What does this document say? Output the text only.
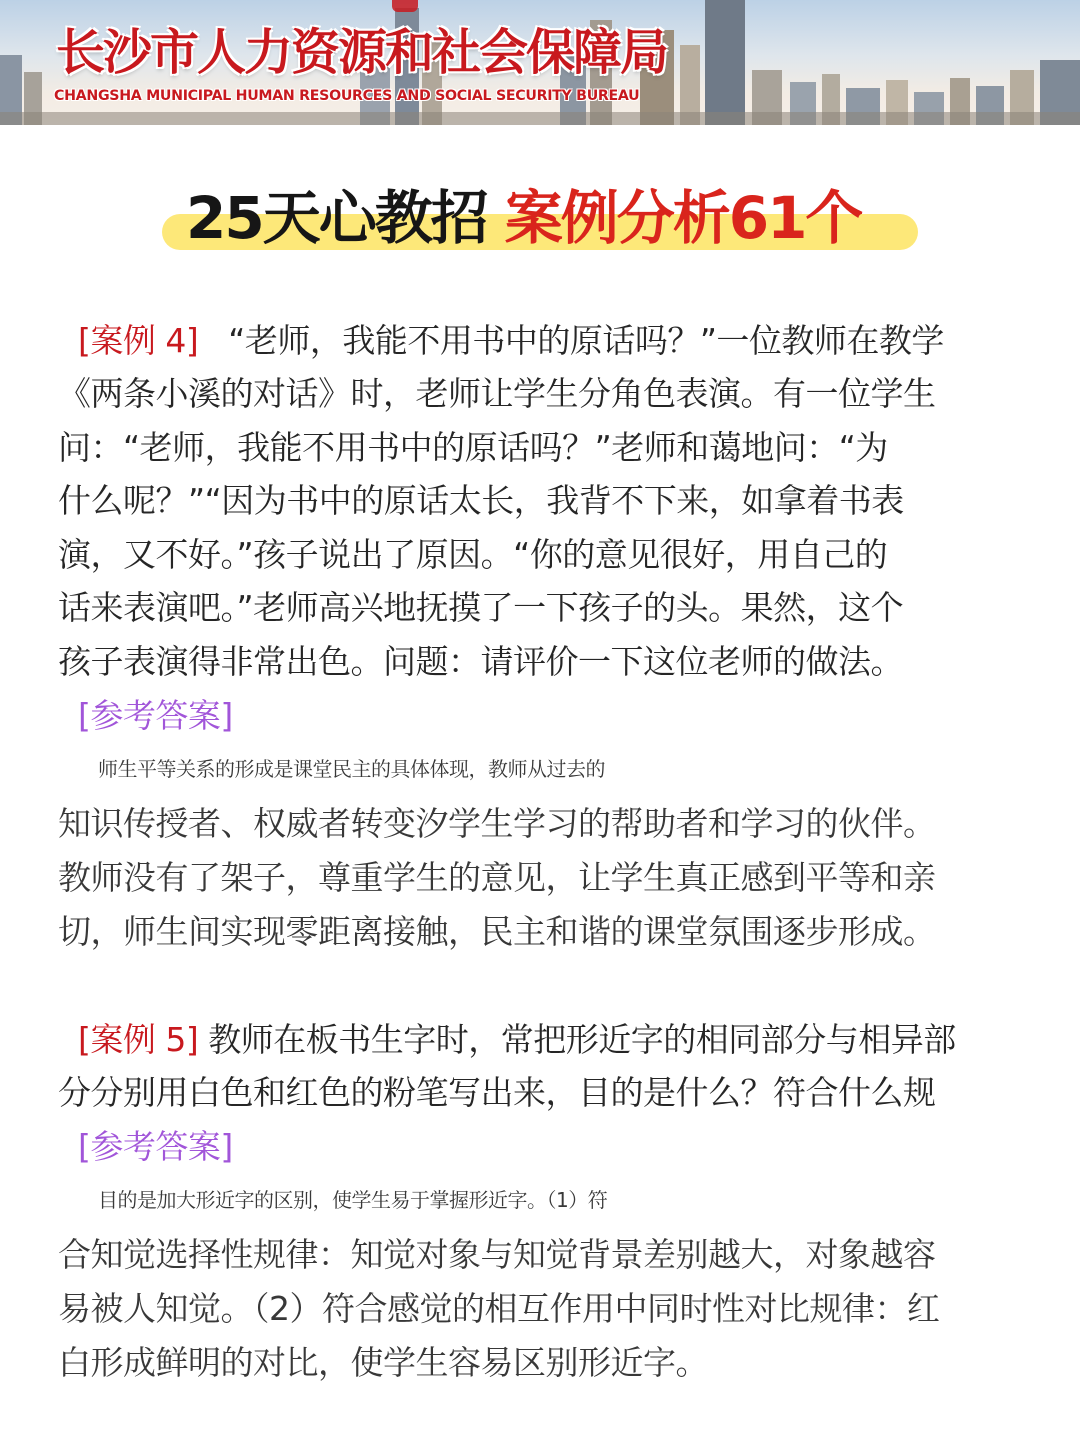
长沙市人力资源和社会保障局

CHANGSHA MUNICIPAL HUMAN RESOURCES AND SOCIAL SECURITY BUREAU

25天心教招 案例分析61个

[案例 4] “老师，我能不用书中的原话吗？”一位教师在教学

《两条小溪的对话》时，老师让学生分角色表演。有一位学生

问：“老师，我能不用书中的原话吗？”老师和蔼地问：“为

什么呢？”“因为书中的原话太长，我背不下来，如拿着书表

演，又不好。”孩子说出了原因。“你的意见很好，用自己的

话来表演吧。”老师高兴地抚摸了一下孩子的头。果然，这个

孩子表演得非常出色。问题：请评价一下这位老师的做法。

[参考答案]

师生平等关系的形成是课堂民主的具体体现，教师从过去的

知识传授者、权威者转变汐学生学习的帮助者和学习的伙伴。

教师没有了架子，尊重学生的意见，让学生真正感到平等和亲

切，师生间实现零距离接触，民主和谐的课堂氛围逐步形成。

[案例 5] 教师在板书生字时，常把形近字的相同部分与相异部

分分别用白色和红色的粉笔写出来，目的是什么？符合什么规

[参考答案]

目的是加大形近字的区别，使学生易于掌握形近字。（1）符

合知觉选择性规律：知觉对象与知觉背景差别越大，对象越容

易被人知觉。（2）符合感觉的相互作用中同时性对比规律：红

白形成鲜明的对比，使学生容易区别形近字。
